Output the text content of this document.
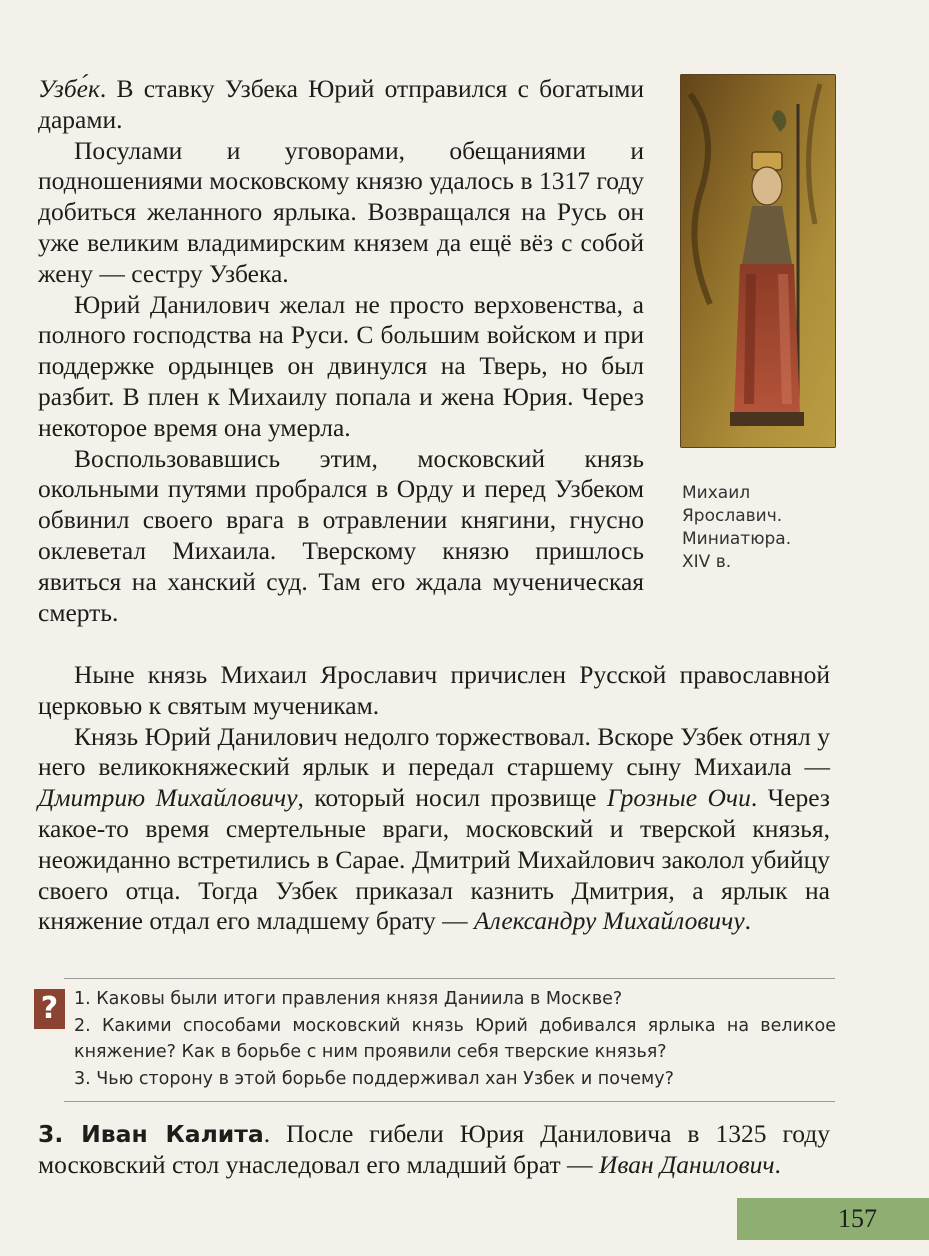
Узбе́к. В ставку Узбека Юрий отправился с богатыми дарами.

Посулами и уговорами, обещаниями и подношениями московскому князю удалось в 1317 году добиться желанного ярлыка. Возвращался на Русь он уже великим владимирским князем да ещё вёз с собой жену — сестру Узбека.

Юрий Данилович желал не просто верховенства, а полного господства на Руси. С большим войском и при поддержке ордынцев он двинулся на Тверь, но был разбит. В плен к Михаилу попала и жена Юрия. Через некоторое время она умерла.

Воспользовавшись этим, московский князь окольными путями пробрался в Орду и перед Узбеком обвинил своего врага в отравлении княгини, гнусно оклеветал Михаила. Тверскому князю пришлось явиться на ханский суд. Там его ждала мученическая смерть.

Михаил
Ярославич.
Миниатюра.
XIV в.

Ныне князь Михаил Ярославич причислен Русской православной церковью к святым мученикам.

Князь Юрий Данилович недолго торжествовал. Вскоре Узбек отнял у него великокняжеский ярлык и передал старшему сыну Михаила — Дмитрию Михайловичу, который носил прозвище Грозные Очи. Через какое-то время смертельные враги, московский и тверской князья, неожиданно встретились в Сарае. Дмитрий Михайлович заколол убийцу своего отца. Тогда Узбек приказал казнить Дмитрия, а ярлык на княжение отдал его младшему брату — Александру Михайловичу.

? 1. Каковы были итоги правления князя Даниила в Москве?
2. Какими способами московский князь Юрий добивался ярлыка на великое княжение? Как в борьбе с ним проявили себя тверские князья?
3. Чью сторону в этой борьбе поддерживал хан Узбек и почему?

3. Иван Калита. После гибели Юрия Даниловича в 1325 году московский стол унаследовал его младший брат — Иван Данилович.

157
